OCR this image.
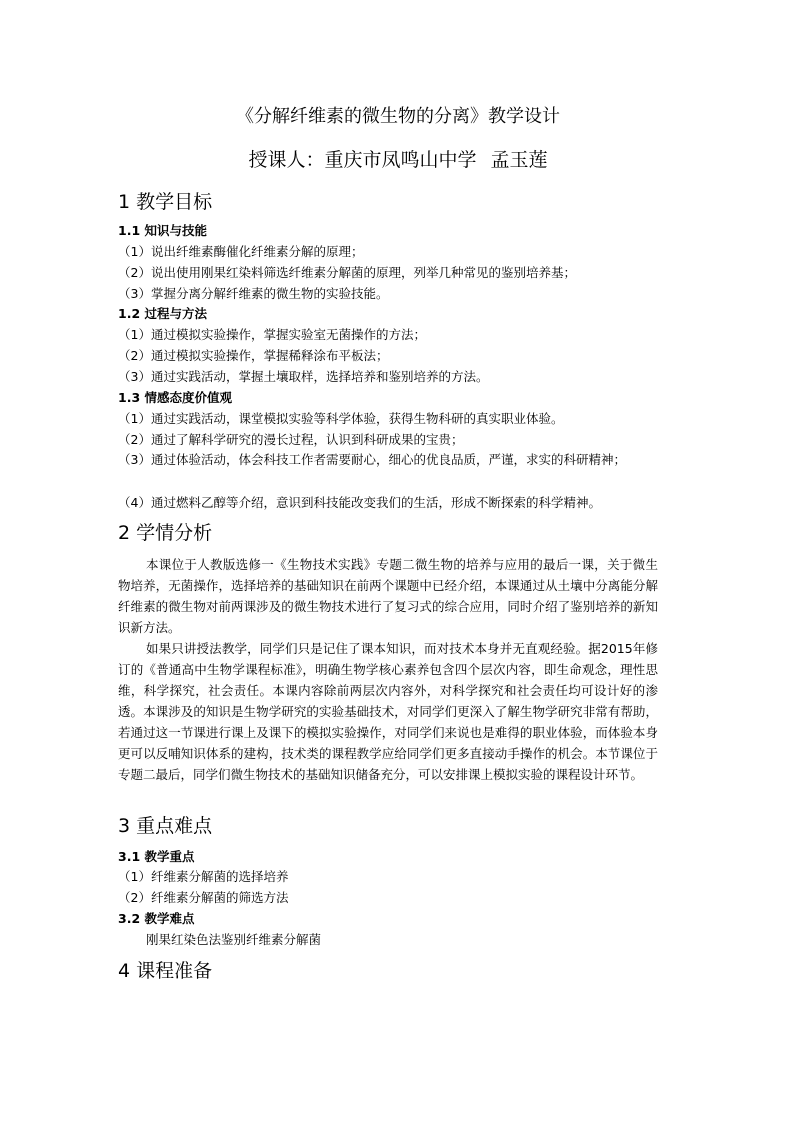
《分解纤维素的微生物的分离》教学设计
授课人：重庆市凤鸣山中学 孟玉莲
1 教学目标
1.1 知识与技能
（1）说出纤维素酶催化纤维素分解的原理；
（2）说出使用刚果红染料筛选纤维素分解菌的原理，列举几种常见的鉴别培养基；
（3）掌握分离分解纤维素的微生物的实验技能。
1.2 过程与方法
（1）通过模拟实验操作，掌握实验室无菌操作的方法；
（2）通过模拟实验操作，掌握稀释涂布平板法；
（3）通过实践活动，掌握土壤取样，选择培养和鉴别培养的方法。
1.3 情感态度价值观
（1）通过实践活动，课堂模拟实验等科学体验，获得生物科研的真实职业体验。
（2）通过了解科学研究的漫长过程，认识到科研成果的宝贵；
（3）通过体验活动，体会科技工作者需要耐心，细心的优良品质，严谨，求实的科研精神；
（4）通过燃料乙醇等介绍，意识到科技能改变我们的生活，形成不断探索的科学精神。
2 学情分析
本课位于人教版选修一《生物技术实践》专题二微生物的培养与应用的最后一课，关于微生物培养，无菌操作，选择培养的基础知识在前两个课题中已经介绍，本课通过从土壤中分离能分解纤维素的微生物对前两课涉及的微生物技术进行了复习式的综合应用，同时介绍了鉴别培养的新知识新方法。
如果只讲授法教学，同学们只是记住了课本知识，而对技术本身并无直观经验。据2015年修订的《普通高中生物学课程标准》，明确生物学核心素养包含四个层次内容，即生命观念，理性思维，科学探究，社会责任。本课内容除前两层次内容外，对科学探究和社会责任均可设计好的渗透。本课涉及的知识是生物学研究的实验基础技术，对同学们更深入了解生物学研究非常有帮助，若通过这一节课进行课上及课下的模拟实验操作，对同学们来说也是难得的职业体验，而体验本身更可以反哺知识体系的建构，技术类的课程教学应给同学们更多直接动手操作的机会。本节课位于专题二最后，同学们微生物技术的基础知识储备充分，可以安排课上模拟实验的课程设计环节。
3 重点难点
3.1 教学重点
（1）纤维素分解菌的选择培养
（2）纤维素分解菌的筛选方法
3.2 教学难点
刚果红染色法鉴别纤维素分解菌
4 课程准备
